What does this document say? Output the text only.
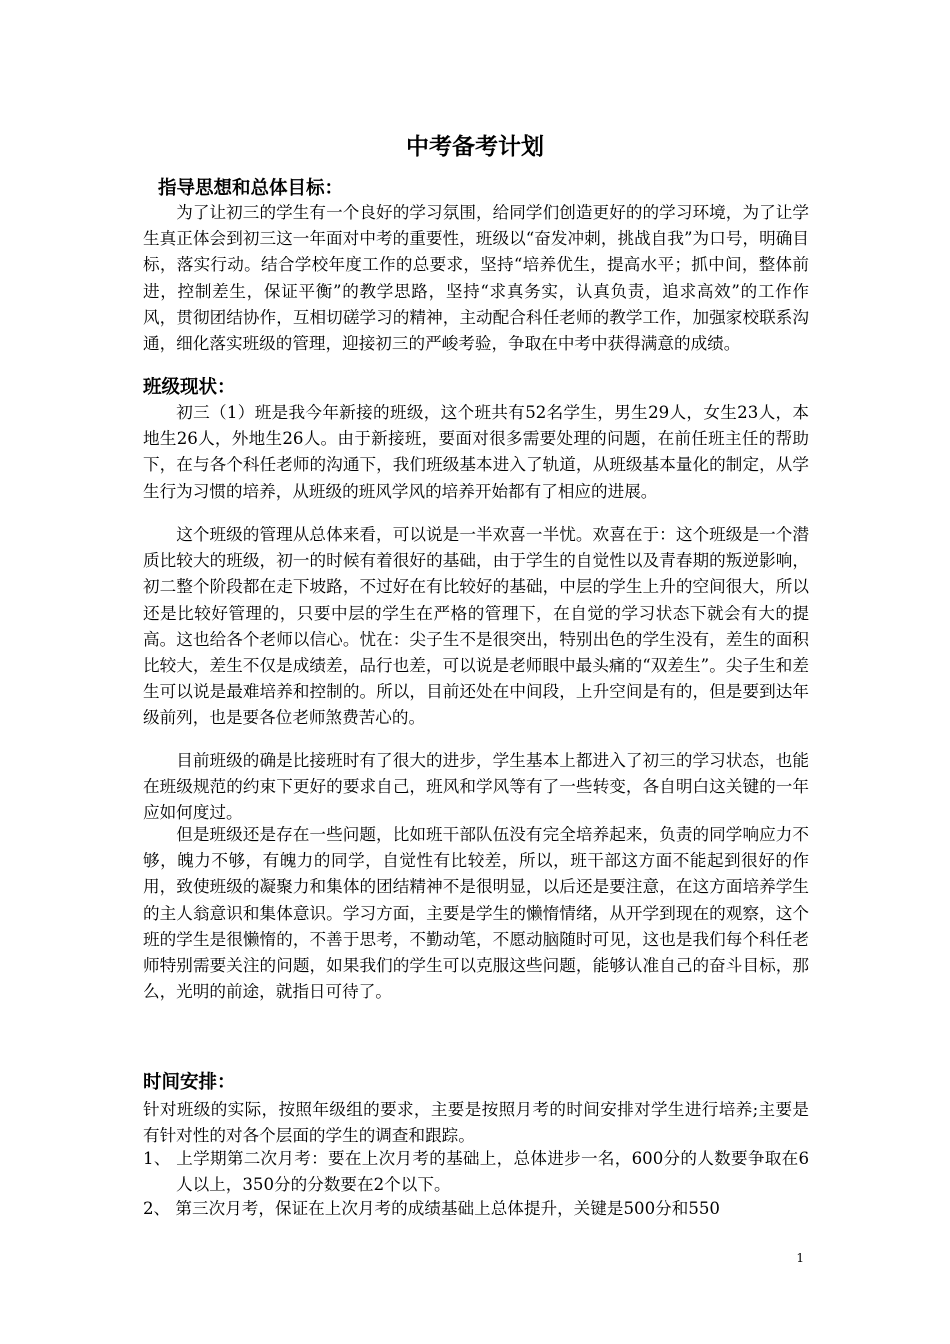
中考备考计划
指导思想和总体目标：

为了让初三的学生有一个良好的学习氛围，给同学们创造更好的的学习环境，为了让学生真正体会到初三这一年面对中考的重要性，班级以“奋发冲刺，挑战自我”为口号，明确目标，落实行动。结合学校年度工作的总要求，坚持“培养优生，提高水平；抓中间，整体前进，控制差生，保证平衡”的教学思路，坚持“求真务实，认真负责，追求高效”的工作作风，贯彻团结协作，互相切磋学习的精神，主动配合科任老师的教学工作，加强家校联系沟通，细化落实班级的管理，迎接初三的严峻考验，争取在中考中获得满意的成绩。

班级现状：

初三（1）班是我今年新接的班级，这个班共有52名学生，男生29人，女生23人，本地生26人，外地生26人。由于新接班，要面对很多需要处理的问题，在前任班主任的帮助下，在与各个科任老师的沟通下，我们班级基本进入了轨道，从班级基本量化的制定，从学生行为习惯的培养，从班级的班风学风的培养开始都有了相应的进展。

这个班级的管理从总体来看，可以说是一半欢喜一半忧。欢喜在于：这个班级是一个潜质比较大的班级，初一的时候有着很好的基础，由于学生的自觉性以及青春期的叛逆影响，初二整个阶段都在走下坡路，不过好在有比较好的基础，中层的学生上升的空间很大，所以还是比较好管理的，只要中层的学生在严格的管理下，在自觉的学习状态下就会有大的提高。这也给各个老师以信心。忧在：尖子生不是很突出，特别出色的学生没有，差生的面积比较大，差生不仅是成绩差，品行也差，可以说是老师眼中最头痛的“双差生”。尖子生和差生可以说是最难培养和控制的。所以，目前还处在中间段，上升空间是有的，但是要到达年级前列，也是要各位老师煞费苦心的。

目前班级的确是比接班时有了很大的进步，学生基本上都进入了初三的学习状态，也能在班级规范的约束下更好的要求自己，班风和学风等有了一些转变，各自明白这关键的一年应如何度过。

但是班级还是存在一些问题，比如班干部队伍没有完全培养起来，负责的同学响应力不够，魄力不够，有魄力的同学，自觉性有比较差，所以，班干部这方面不能起到很好的作用，致使班级的凝聚力和集体的团结精神不是很明显，以后还是要注意，在这方面培养学生的主人翁意识和集体意识。学习方面，主要是学生的懒惰情绪，从开学到现在的观察，这个班的学生是很懒惰的，不善于思考，不勤动笔，不愿动脑随时可见，这也是我们每个科任老师特别需要关注的问题，如果我们的学生可以克服这些问题，能够认准自己的奋斗目标，那么，光明的前途，就指日可待了。

时间安排：

针对班级的实际，按照年级组的要求，主要是按照月考的时间安排对学生进行培养;主要是有针对性的对各个层面的学生的调查和跟踪。

1、 上学期第二次月考：要在上次月考的基础上，总体进步一名，600分的人数要争取在6人以上，350分的分数要在2个以下。

2、 第三次月考，保证在上次月考的成绩基础上总体提升，关键是500分和550

1
